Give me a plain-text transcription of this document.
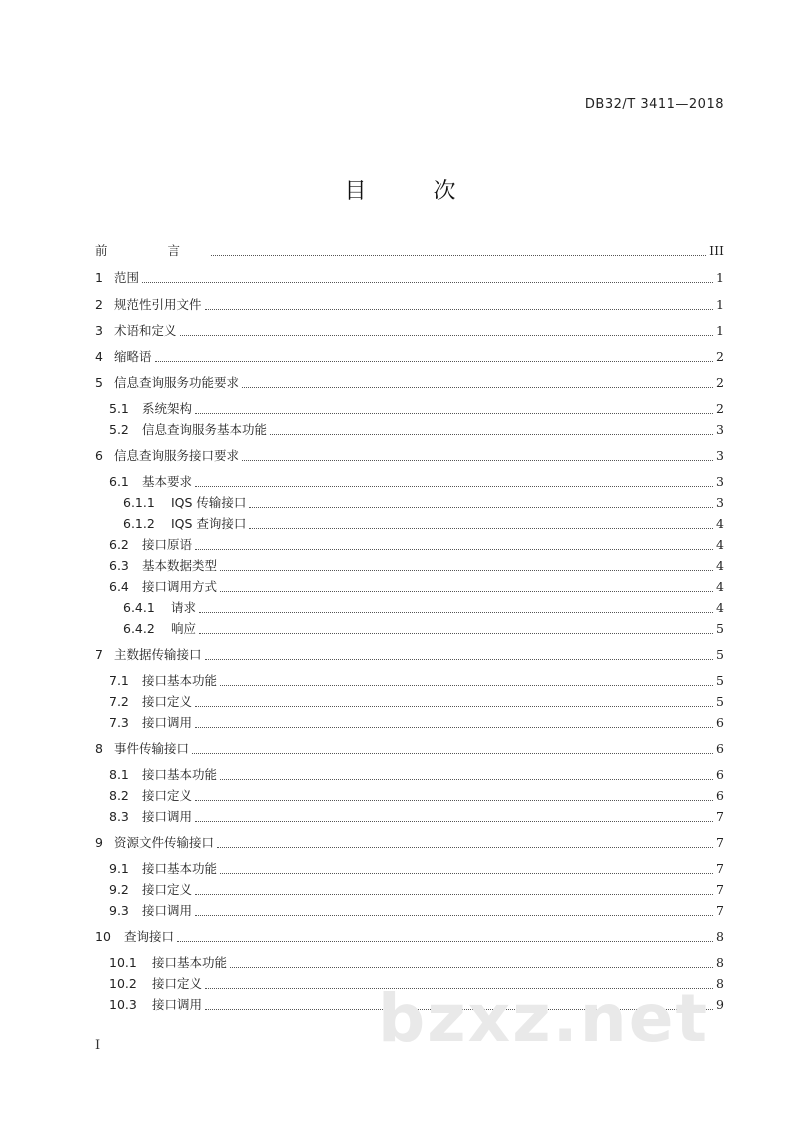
DB32/T 3411—2018
目 次
前 言	III
1 范围	1
2 规范性引用文件	1
3 术语和定义	1
4 缩略语	2
5 信息查询服务功能要求	2
5.1	系统架构	2
5.2	信息查询服务基本功能	3
6 信息查询服务接口要求	3
6.1	基本要求	3
6.1.1	IQS 传输接口	3
6.1.2	IQS 查询接口	4
6.2	接口原语	4
6.3	基本数据类型	4
6.4	接口调用方式	4
6.4.1	请求	4
6.4.2	响应	5
7 主数据传输接口	5
7.1	接口基本功能	5
7.2	接口定义	5
7.3	接口调用	6
8 事件传输接口	6
8.1	接口基本功能	6
8.2	接口定义	6
8.3	接口调用	7
9 资源文件传输接口	7
9.1	接口基本功能	7
9.2	接口定义	7
9.3	接口调用	7
10	查询接口	8
10.1	接口基本功能	8
10.2	接口定义	8
10.3	接口调用	9
bzxz.net
I
